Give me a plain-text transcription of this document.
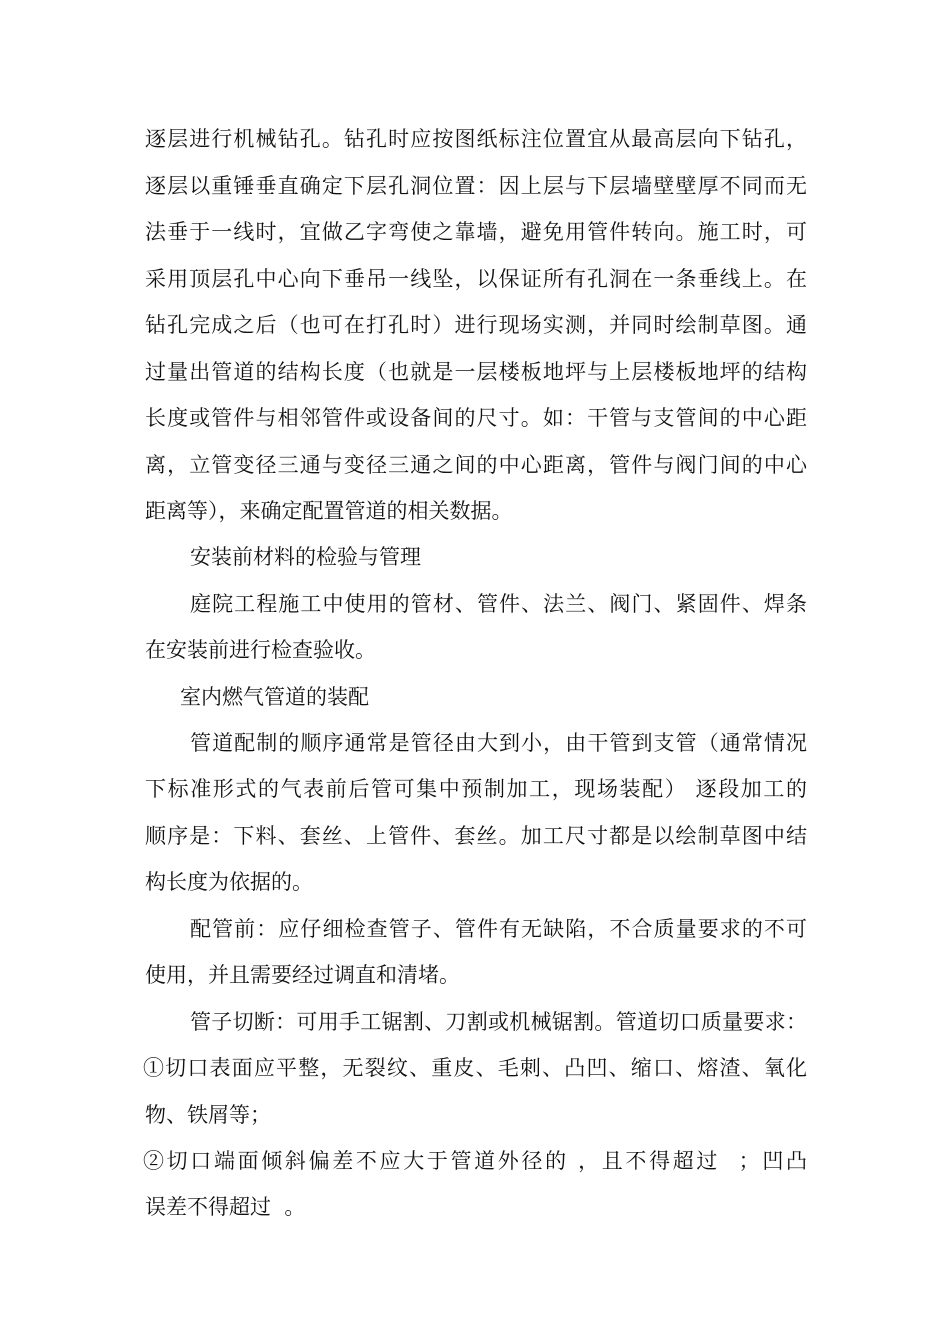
逐层进行机械钻孔。钻孔时应按图纸标注位置宜从最高层向下钻孔，
逐层以重锤垂直确定下层孔洞位置：因上层与下层墙壁壁厚不同而无
法垂于一线时，宜做乙字弯使之靠墙，避免用管件转向。施工时，可
采用顶层孔中心向下垂吊一线坠，以保证所有孔洞在一条垂线上。在
钻孔完成之后（也可在打孔时）进行现场实测，并同时绘制草图。通
过量出管道的结构长度（也就是一层楼板地坪与上层楼板地坪的结构
长度或管件与相邻管件或设备间的尺寸。如：干管与支管间的中心距
离，立管变径三通与变径三通之间的中心距离，管件与阀门间的中心
距离等），来确定配置管道的相关数据。
安装前材料的检验与管理
庭院工程施工中使用的管材、管件、法兰、阀门、紧固件、焊条
在安装前进行检查验收。
室内燃气管道的装配
管道配制的顺序通常是管径由大到小，由干管到支管（通常情况
下标准形式的气表前后管可集中预制加工，现场装配） 逐段加工的
顺序是：下料、套丝、上管件、套丝。加工尺寸都是以绘制草图中结
构长度为依据的。
配管前：应仔细检查管子、管件有无缺陷，不合质量要求的不可
使用，并且需要经过调直和清堵。
管子切断：可用手工锯割、刀割或机械锯割。管道切口质量要求：
①切口表面应平整，无裂纹、重皮、毛刺、凸凹、缩口、熔渣、氧化
物、铁屑等；
②切口端面倾斜偏差不应大于管道外径的 ，且不得超过  ；凹凸
误差不得超过  。
